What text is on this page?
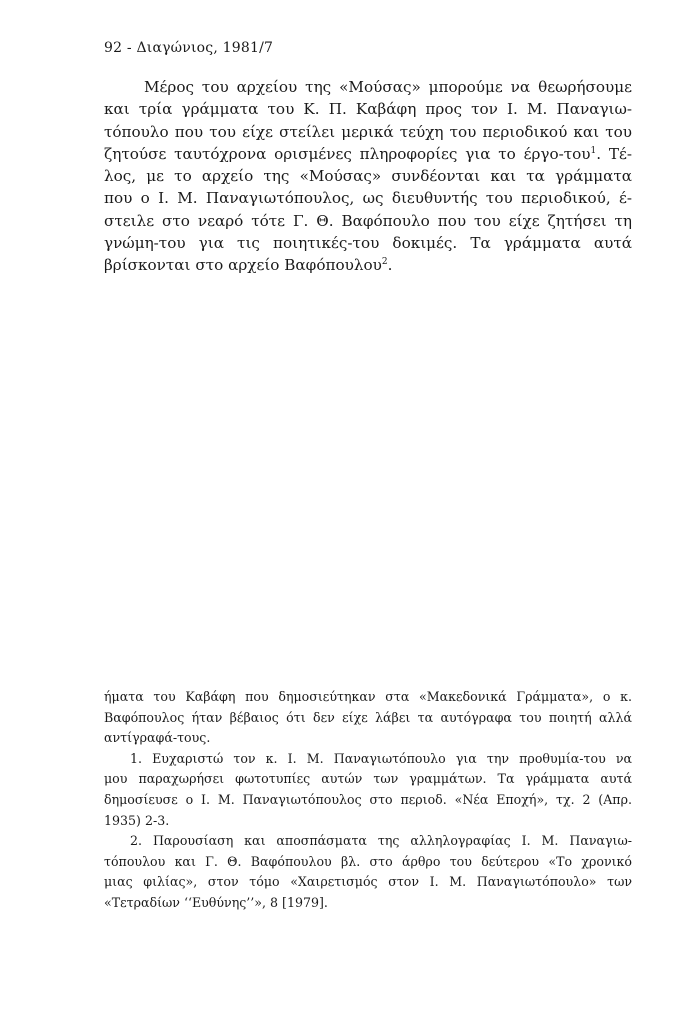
92 - Διαγώνιος, 1981/7
Μέρος του αρχείου της «Μούσας» μπορούμε να θεωρήσουμε
και τρία γράμματα του Κ. Π. Καβάφη προς τον Ι. Μ. Παναγιω-
τόπουλο που του είχε στείλει μερικά τεύχη του περιοδικού και του
ζητούσε ταυτόχρονα ορισμένες πληροφορίες για το έργο-του$^1$. Τέ-
λος, με το αρχείο της «Μούσας» συνδέονται και τα γράμματα
που ο Ι. Μ. Παναγιωτόπουλος, ως διευθυντής του περιοδικού, έ-
στειλε στο νεαρό τότε Γ. Θ. Βαφόπουλο που του είχε ζητήσει τη
γνώμη-του για τις ποιητικές-του δοκιμές. Τα γράμματα αυτά
βρίσκονται στο αρχείο Βαφόπουλου$^2$.
ήματα του Καβάφη που δημοσιεύτηκαν στα «Μακεδονικά Γράμματα», ο κ.
Βαφόπουλος ήταν βέβαιος ότι δεν είχε λάβει τα αυτόγραφα του ποιητή αλλά
αντίγραφά-τους.
1. Ευχαριστώ τον κ. Ι. Μ. Παναγιωτόπουλο για την προθυμία-του να
μου παραχωρήσει φωτοτυπίες αυτών των γραμμάτων. Τα γράμματα αυτά
δημοσίευσε ο Ι. Μ. Παναγιωτόπουλος στο περιοδ. «Νέα Εποχή», τχ. 2 (Απρ.
1935) 2-3.
2. Παρουσίαση και αποσπάσματα της αλληλογραφίας Ι. Μ. Παναγιω-
τόπουλου και Γ. Θ. Βαφόπουλου βλ. στο άρθρο του δεύτερου «Το χρονικό
μιας φιλίας», στον τόμο «Χαιρετισμός στον Ι. Μ. Παναγιωτόπουλο» των
«Τετραδίων ‘‘Ευθύνης’’», 8 [1979].
